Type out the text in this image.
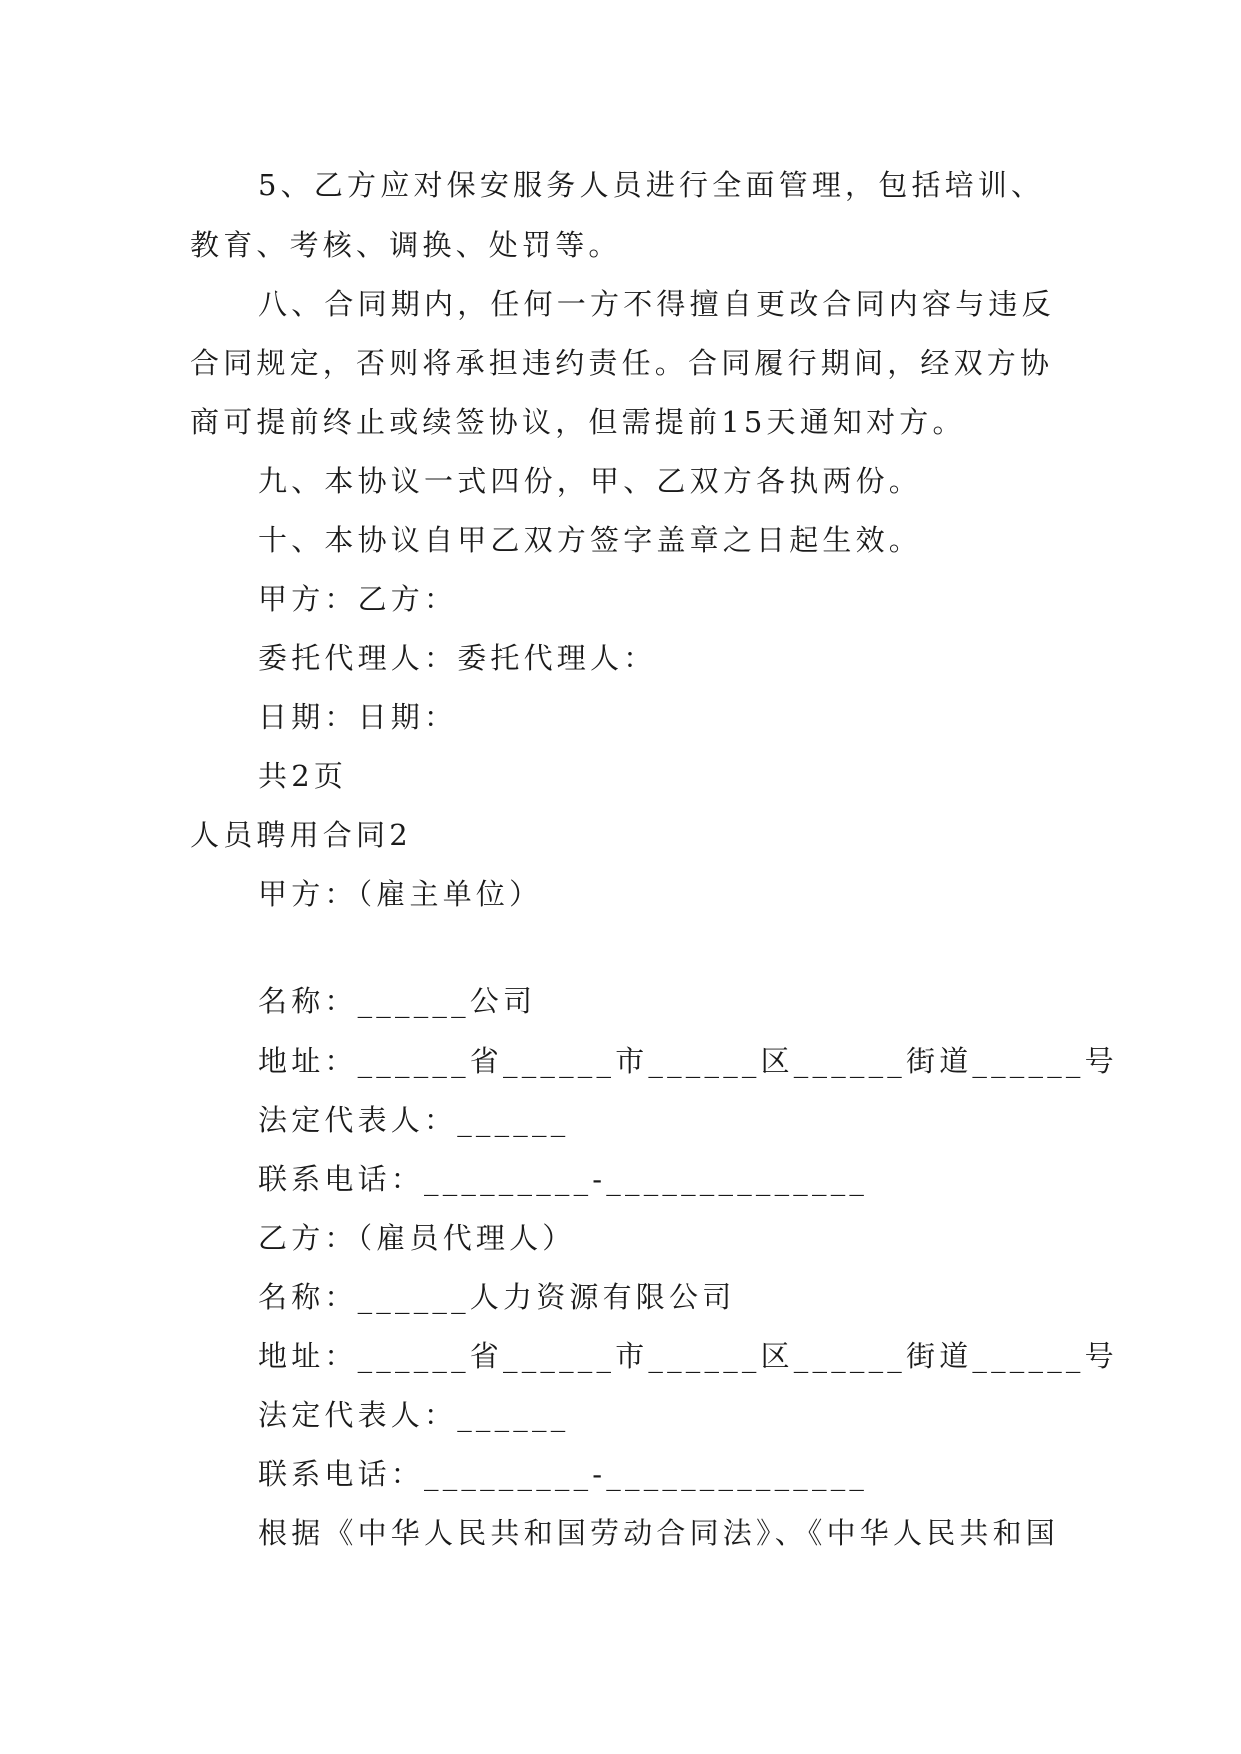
5、乙方应对保安服务人员进行全面管理，包括培训、
教育、考核、调换、处罚等。
八、合同期内，任何一方不得擅自更改合同内容与违反
合同规定，否则将承担违约责任。合同履行期间，经双方协
商可提前终止或续签协议，但需提前15天通知对方。
九、本协议一式四份，甲、乙双方各执两份。
十、本协议自甲乙双方签字盖章之日起生效。
甲方：乙方：
委托代理人：委托代理人：
日期：日期：
共2页
人员聘用合同2
甲方：（雇主单位）
名称：______公司
地址：______省______市______区______街道______号
法定代表人：______
联系电话：_________-______________
乙方：（雇员代理人）
名称：______人力资源有限公司
地址：______省______市______区______街道______号
法定代表人：______
联系电话：_________-______________
根据《中华人民共和国劳动合同法》、《中华人民共和国
